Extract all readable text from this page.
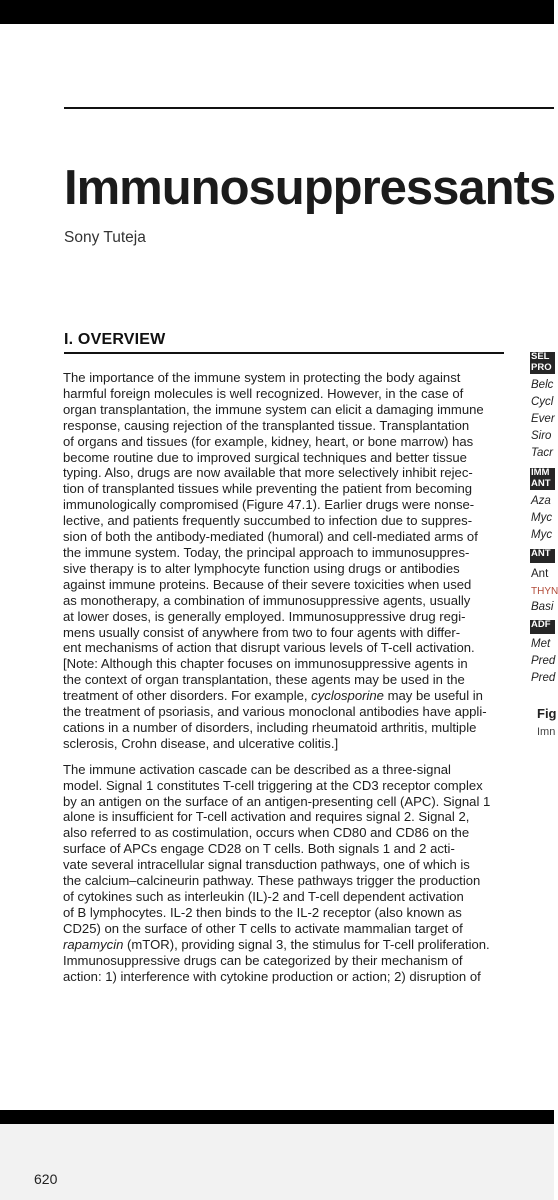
Immunosuppressants
Sony Tuteja
I. OVERVIEW

The importance of the immune system in protecting the body against
harmful foreign molecules is well recognized. However, in the case of
organ transplantation, the immune system can elicit a damaging immune
response, causing rejection of the transplanted tissue. Transplantation
of organs and tissues (for example, kidney, heart, or bone marrow) has
become routine due to improved surgical techniques and better tissue
typing. Also, drugs are now available that more selectively inhibit rejec-
tion of transplanted tissues while preventing the patient from becoming
immunologically compromised (Figure 47.1). Earlier drugs were nonse-
lective, and patients frequently succumbed to infection due to suppres-
sion of both the antibody-mediated (humoral) and cell-mediated arms of
the immune system. Today, the principal approach to immunosuppres-
sive therapy is to alter lymphocyte function using drugs or antibodies
against immune proteins. Because of their severe toxicities when used
as monotherapy, a combination of immunosuppressive agents, usually
at lower doses, is generally employed. Immunosuppressive drug regi-
mens usually consist of anywhere from two to four agents with differ-
ent mechanisms of action that disrupt various levels of T-cell activation.
[Note: Although this chapter focuses on immunosuppressive agents in
the context of organ transplantation, these agents may be used in the
treatment of other disorders. For example, cyclosporine may be useful in
the treatment of psoriasis, and various monoclonal antibodies have appli-
cations in a number of disorders, including rheumatoid arthritis, multiple
sclerosis, Crohn disease, and ulcerative colitis.]

The immune activation cascade can be described as a three-signal
model. Signal 1 constitutes T-cell triggering at the CD3 receptor complex
by an antigen on the surface of an antigen-presenting cell (APC). Signal 1
alone is insufficient for T-cell activation and requires signal 2. Signal 2,
also referred to as costimulation, occurs when CD80 and CD86 on the
surface of APCs engage CD28 on T cells. Both signals 1 and 2 acti-
vate several intracellular signal transduction pathways, one of which is
the calcium–calcineurin pathway. These pathways trigger the production
of cytokines such as interleukin (IL)-2 and T-cell dependent activation
of B lymphocytes. IL-2 then binds to the IL-2 receptor (also known as
CD25) on the surface of other T cells to activate mammalian target of
rapamycin (mTOR), providing signal 3, the stimulus for T-cell proliferation.
Immunosuppressive drugs can be categorized by their mechanism of
action: 1) interference with cytokine production or action; 2) disruption of

SEL
PRO
Belc
Cycl
Ever
Siro
Tacr
IMM
ANT
Aza
Myc
Myc
ANT
Ant
THYN
Basi
ADF
Met
Pred
Pred
Fig
Imn
620
